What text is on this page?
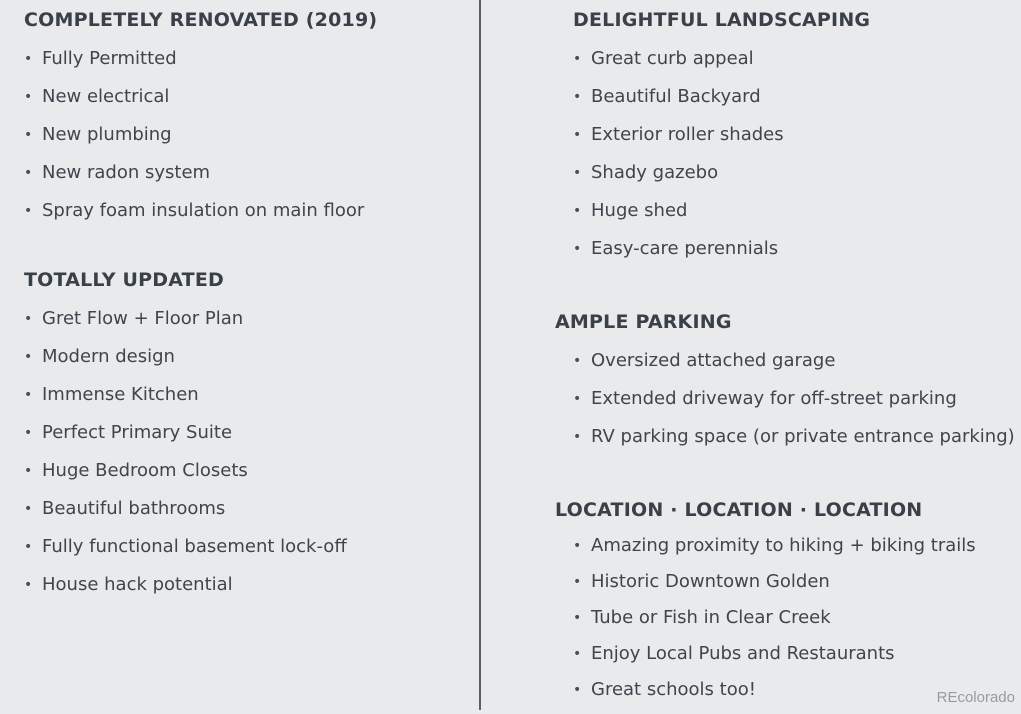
COMPLETELY RENOVATED (2019)
• Fully Permitted
• New electrical
• New plumbing
• New radon system
• Spray foam insulation on main floor
TOTALLY UPDATED
• Gret Flow + Floor Plan
• Modern design
• Immense Kitchen
• Perfect Primary Suite
• Huge Bedroom Closets
• Beautiful bathrooms
• Fully functional basement lock-off
• House hack potential
DELIGHTFUL LANDSCAPING
• Great curb appeal
• Beautiful Backyard
• Exterior roller shades
• Shady gazebo
• Huge shed
• Easy-care perennials
AMPLE PARKING
• Oversized attached garage
• Extended driveway for off-street parking
• RV parking space (or private entrance parking)
LOCATION · LOCATION · LOCATION
• Amazing proximity to hiking + biking trails
• Historic Downtown Golden
• Tube or Fish in Clear Creek
• Enjoy Local Pubs and Restaurants
• Great schools too!	REcolorado
